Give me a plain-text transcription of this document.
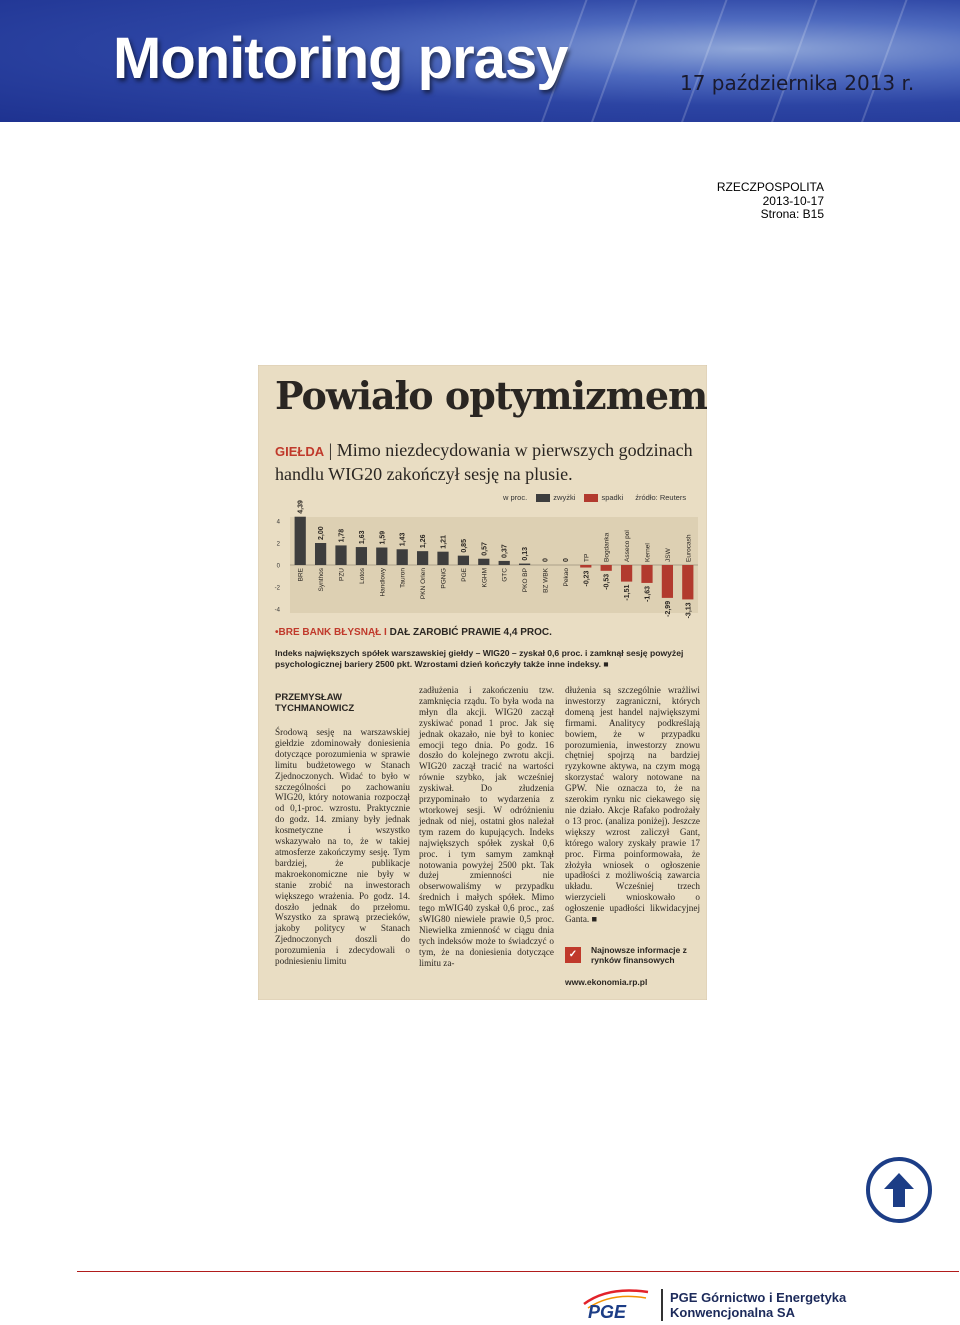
Monitoring prasy	17 października 2013 r.
RZECZPOSPOLITA
2013-10-17
Strona: B15
Powiało optymizmem
GIEŁDA | Mimo niezdecydowania w pierwszych godzinach handlu WIG20 zakończył sesję na plusie.
w proc.	zwyżki	spadki źródło: Reuters
4
2
0
-2
-4
BRE
4,39
Synthos
2,00
PZU
1,78
Lotos
1,63
Handlowy
1,59
Tauron
1,43
PKN Orlen
1,26
PGNiG
1,21
PGE
0,85
KGHM
0,57
GTC
0,37
PKO BP
0,13
BZ WBK
0
Pekao
0 TP
-0,23
Bogdanka
-0,53
Asseco pol
-1,51
Kernel
-1,63
JSW
-2,99
Eurocash
-3,13
•BRE BANK BŁYSNĄŁ I DAŁ ZAROBIĆ PRAWIE 4,4 PROC.
Indeks największych spółek warszawskiej giełdy – WIG20 – zyskał 0,6 proc. i zamknął sesję powyżej psychologicznej bariery 2500 pkt. Wzrostami dzień kończyły także inne indeksy. ■
PRZEMYSŁAW TYCHMANOWICZ
Środową sesję na warszawskiej giełdzie zdominowały doniesienia dotyczące porozumienia w sprawie limitu budżetowego w Stanach Zjednoczonych. Widać to było w szczególności po zachowaniu WIG20, który notowania rozpoczął od 0,1-proc. wzrostu. Praktycznie do godz. 14. zmiany były jednak kosmetyczne i wszystko wskazywało na to, że w takiej atmosferze zakończymy sesję. Tym bardziej, że publikacje makroekonomiczne nie były w stanie zrobić na inwestorach większego wrażenia. Po godz. 14. doszło jednak do przełomu. Wszystko za sprawą przecieków, jakoby politycy w Stanach Zjednoczonych doszli do porozumienia i zdecydowali o podniesieniu limitu
zadłużenia i zakończeniu tzw. zamknięcia rządu. To była woda na młyn dla akcji. WIG20 zaczął zyskiwać ponad 1 proc. Jak się jednak okazało, nie był to koniec emocji tego dnia. Po godz. 16 doszło do kolejnego zwrotu akcji. WIG20 zaczął tracić na wartości równie szybko, jak wcześniej zyskiwał. Do złudzenia przypominało to wydarzenia z wtorkowej sesji. W odróżnieniu jednak od niej, ostatni głos należał tym razem do kupujących. Indeks największych spółek zyskał 0,6 proc. i tym samym zamknął notowania powyżej 2500 pkt. Tak dużej zmienności nie obserwowaliśmy w przypadku średnich i małych spółek. Mimo tego mWIG40 zyskał 0,6 proc., zaś sWIG80 niewiele prawie 0,5 proc. Niewielka zmienność w ciągu dnia tych indeksów może to świadczyć o tym, że na doniesienia dotyczące limitu za-
dłużenia są szczególnie wrażliwi inwestorzy zagraniczni, których domeną jest handel największymi firmami. Analitycy podkreślają bowiem, że w przypadku porozumienia, inwestorzy znowu chętniej spojrzą na bardziej ryzykowne aktywa, na czym mogą skorzystać walory notowane na GPW. Nie oznacza to, że na szerokim rynku nic ciekawego się nie działo. Akcje Rafako podrożały o 13 proc. (analiza poniżej). Jeszcze większy wzrost zaliczył Gant, którego walory zyskały prawie 17 proc. Firma poinformowała, że złożyła wniosek o ogłoszenie upadłości z możliwością zawarcia układu. Wcześniej trzech wierzycieli wnioskowało o ogłoszenie upadłości likwidacyjnej Ganta. ■
✓	Najnowsze informacje z rynków finansowych
www.ekonomia.rp.pl
PGE
PGE Górnictwo i Energetyka
Konwencjonalna SA
